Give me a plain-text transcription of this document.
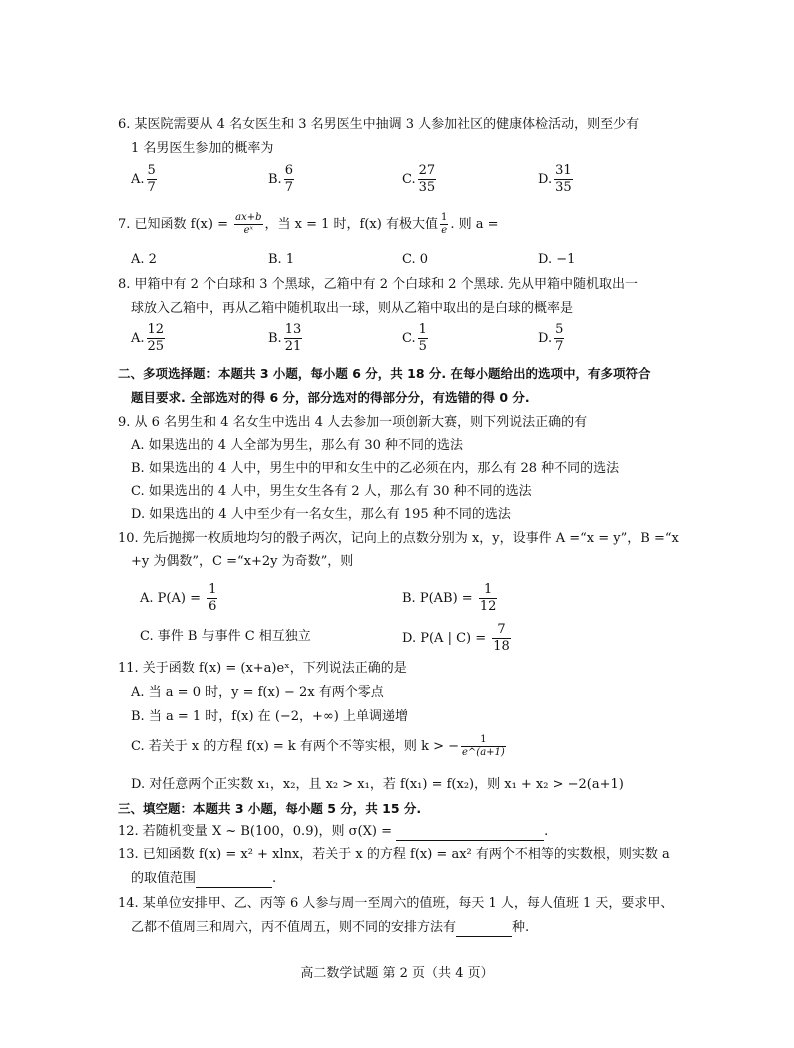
6. 某医院需要从 4 名女医生和 3 名男医生中抽调 3 人参加社区的健康体检活动，则至少有
1 名男医生参加的概率为
A. $\frac{5}{7}$	B. $\frac{6}{7}$	C. $\frac{27}{35}$	D. $\frac{31}{35}$
7. 已知函数 $f(x) = \frac{ax+b}{\text{eˣ}}$ ，当 x = 1 时，f(x) 有极大值 $\frac{1}{e}$ . 则 a =
A. 2	B. 1	C. 0	D. −1
8. 甲箱中有 2 个白球和 3 个黑球，乙箱中有 2 个白球和 2 个黑球. 先从甲箱中随机取出一
球放入乙箱中，再从乙箱中随机取出一球，则从乙箱中取出的是白球的概率是
A. $\frac{12}{25}$	B. $\frac{13}{21}$	C. $\frac{1}{5}$	D. $\frac{5}{7}$
二、多项选择题：本题共 3 小题，每小题 6 分，共 18 分. 在每小题给出的选项中，有多项符合
题目要求. 全部选对的得 6 分，部分选对的得部分分，有选错的得 0 分.
9. 从 6 名男生和 4 名女生中选出 4 人去参加一项创新大赛，则下列说法正确的有
A. 如果选出的 4 人全部为男生，那么有 30 种不同的选法
B. 如果选出的 4 人中，男生中的甲和女生中的乙必须在内，那么有 28 种不同的选法
C. 如果选出的 4 人中，男生女生各有 2 人，那么有 30 种不同的选法
D. 如果选出的 4 人中至少有一名女生，那么有 195 种不同的选法
10. 先后抛掷一枚质地均匀的骰子两次，记向上的点数分别为 x，y，设事件 A =“x = y”，B =“x
+y 为偶数”，C =“x+2y 为奇数”，则
A. $P(A) = \frac{1}{6}$	B. $P(AB) = \frac{1}{12}$
C. 事件 B 与事件 C 相互独立	D. P(A | $C) = \frac{7}{18}$
11. 关于函数 f(x) = (x+a)eˣ，下列说法正确的是
A. 当 a = 0 时，y = f(x) − 2x 有两个零点
B. 当 a = 1 时，f(x) 在 (−2，+∞) 上单调递增
C. 若关于 x 的方程 f(x) = k 有两个不等实根，则 k > − $\frac{1}{e\^{}(a+1)}$
D. 对任意两个正实数 x₁，x₂，且 x₂ > x₁，若 f(x₁) = f(x₂)，则 x₁ + x₂ > −2(a+1)
三、填空题：本题共 3 小题，每小题 5 分，共 15 分.
12. 若随机变量 X ~ B(100，0.9)，则 σ(X) =	.
13. 已知函数 f(x) = x² + xlnx，若关于 x 的方程 f(x) = ax² 有两个不相等的实数根，则实数 a
的取值范围	.
14. 某单位安排甲、乙、丙等 6 人参与周一至周六的值班，每天 1 人，每人值班 1 天，要求甲、
乙都不值周三和周六，丙不值周五，则不同的安排方法有	种.
高二数学试题 第 2 页（共 4 页）
